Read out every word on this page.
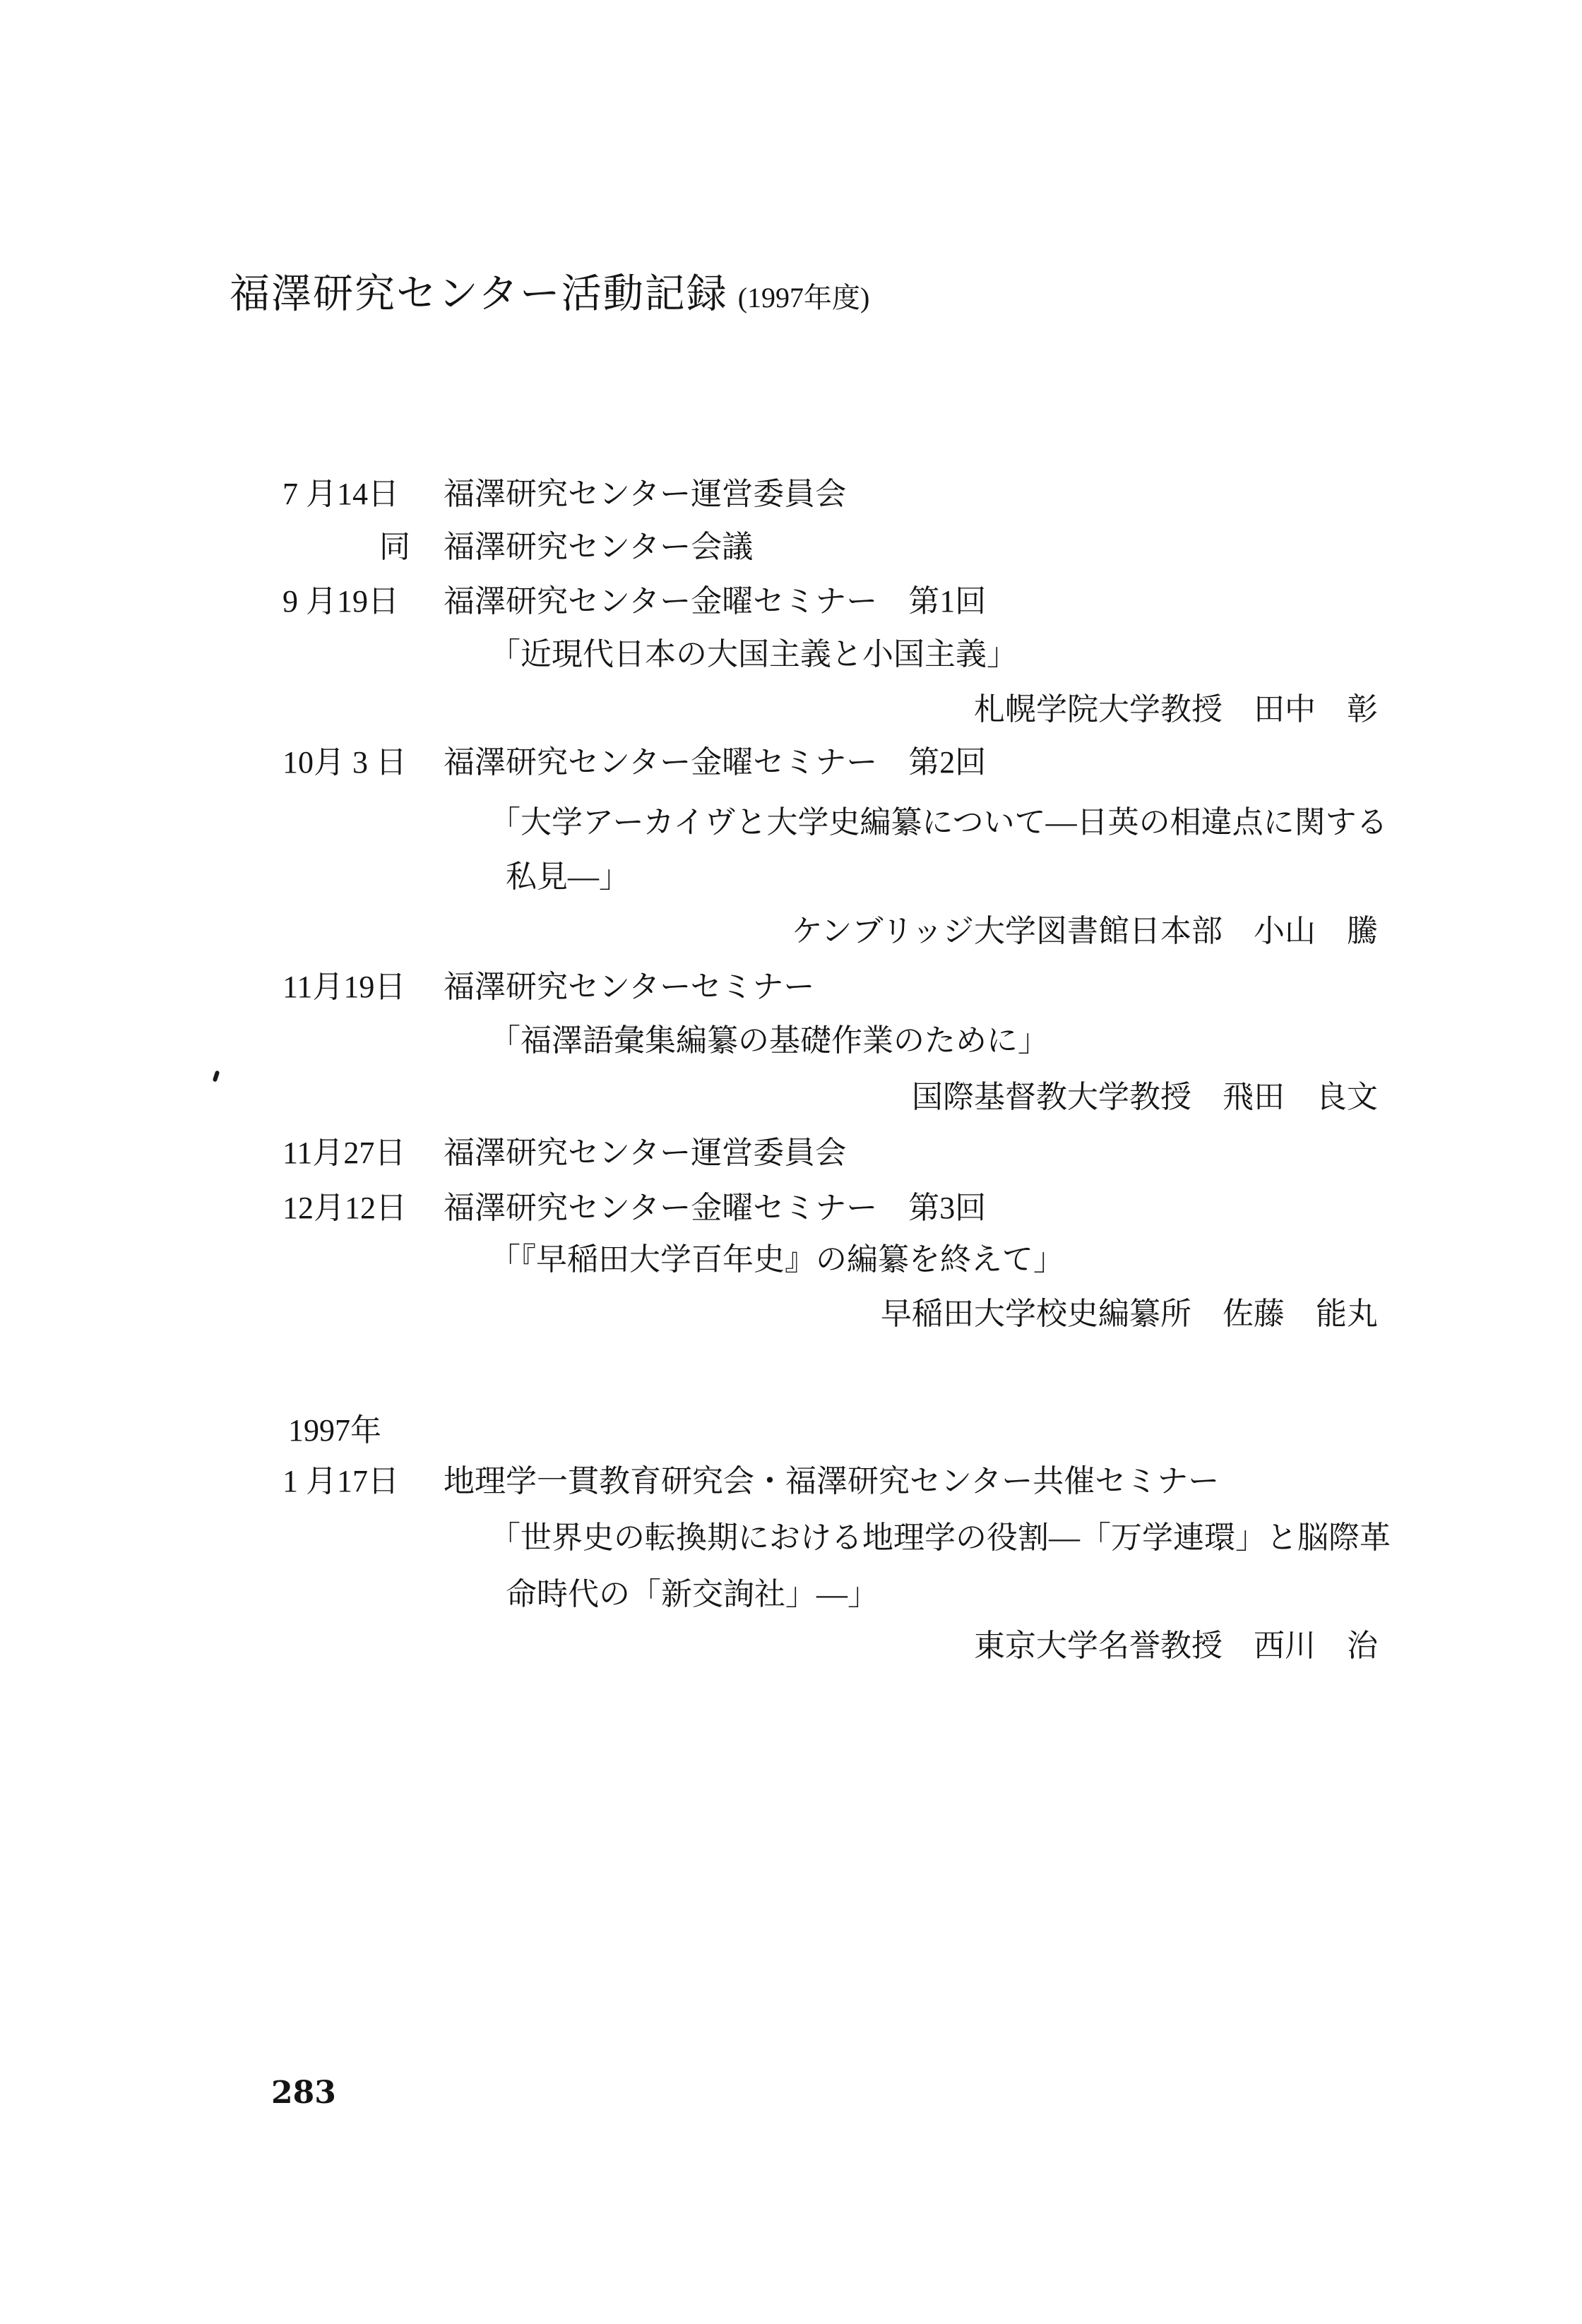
福澤研究センター活動記録 (1997年度)
7 月14日 福澤研究センター運営委員会
同 福澤研究センター会議
9 月19日 福澤研究センター金曜セミナー　第1回
「近現代日本の大国主義と小国主義」
札幌学院大学教授　田中　彰
10月 3 日 福澤研究センター金曜セミナー　第2回
「大学アーカイヴと大学史編纂について―日英の相違点に関する
私見―」
ケンブリッジ大学図書館日本部　小山　騰
11月19日 福澤研究センターセミナー
「福澤語彙集編纂の基礎作業のために」
国際基督教大学教授　飛田　良文
11月27日 福澤研究センター運営委員会
12月12日 福澤研究センター金曜セミナー　第3回
「『早稲田大学百年史』の編纂を終えて」
早稲田大学校史編纂所　佐藤　能丸
1997年
1 月17日 地理学一貫教育研究会・福澤研究センター共催セミナー
「世界史の転換期における地理学の役割―「万学連環」と脳際革
命時代の「新交詢社」―」
東京大学名誉教授　西川　治
283
